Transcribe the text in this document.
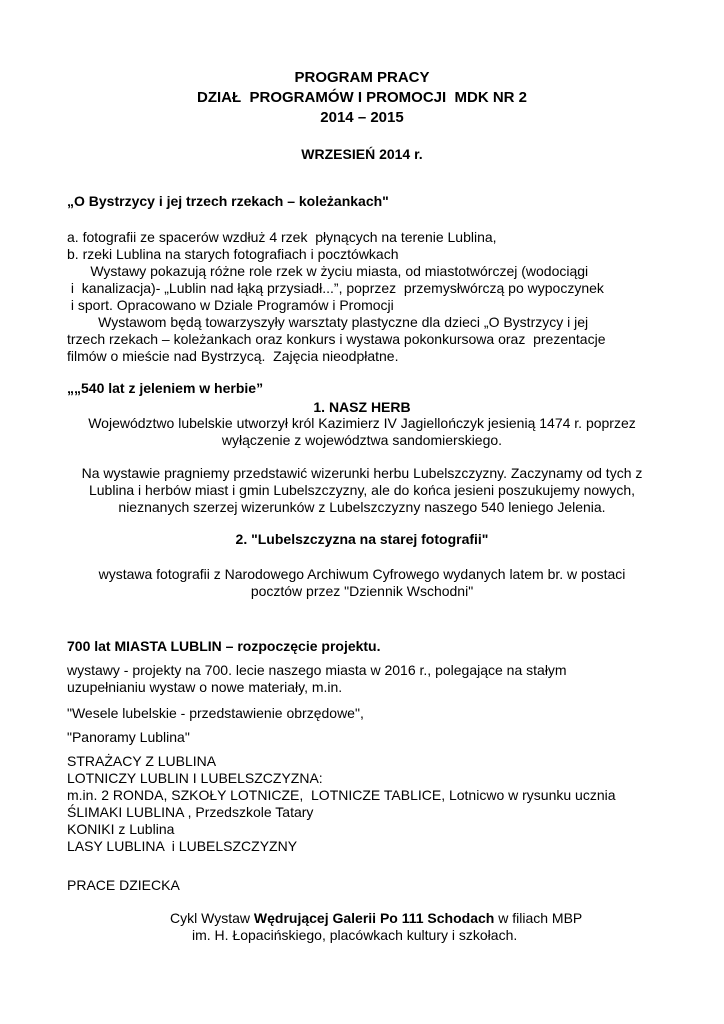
PROGRAM PRACY
DZIAŁ  PROGRAMÓW I PROMOCJI  MDK NR 2
2014 – 2015
WRZESIEŃ 2014 r.
„O Bystrzycy i jej trzech rzekach – koleżankach"
a. fotografii ze spacerów wzdłuż 4 rzek  płynących na terenie Lublina,
b. rzeki Lublina na starych fotografiach i pocztówkach
Wystawy pokazują różne role rzek w życiu miasta, od miastotwórczej (wodociągi
i  kanalizacja)- „Lublin nad łąką przysiadł...”, poprzez  przemysłwórczą po wypoczynek
i sport. Opracowano w Dziale Programów i Promocji
Wystawom będą towarzyszyły warsztaty plastyczne dla dzieci „O Bystrzycy i jej
trzech rzekach – koleżankach oraz konkurs i wystawa pokonkursowa oraz  prezentacje
filmów o mieście nad Bystrzycą.  Zajęcia nieodpłatne.
„„540 lat z jeleniem w herbie”
1. NASZ HERB
Województwo lubelskie utworzył król Kazimierz IV Jagiellończyk jesienią 1474 r. poprzez
wyłączenie z województwa sandomierskiego.
Na wystawie pragniemy przedstawić wizerunki herbu Lubelszczyzny. Zaczynamy od tych z
Lublina i herbów miast i gmin Lubelszczyzny, ale do końca jesieni poszukujemy nowych,
nieznanych szerzej wizerunków z Lubelszczyzny naszego 540 leniego Jelenia.
2. "Lubelszczyzna na starej fotografii"
wystawa fotografii z Narodowego Archiwum Cyfrowego wydanych latem br. w postaci
pocztów przez "Dziennik Wschodni"
700 lat MIASTA LUBLIN – rozpoczęcie projektu.
wystawy - projekty na 700. lecie naszego miasta w 2016 r., polegające na stałym
uzupełnianiu wystaw o nowe materiały, m.in.
"Wesele lubelskie - przedstawienie obrzędowe",
"Panoramy Lublina"
STRAŻACY Z LUBLINA
LOTNICZY LUBLIN I LUBELSZCZYZNA:
m.in. 2 RONDA, SZKOŁY LOTNICZE,  LOTNICZE TABLICE, Lotnicwo w rysunku ucznia
ŚLIMAKI LUBLINA , Przedszkole Tatary
KONIKI z Lublina
LASY LUBLINA  i LUBELSZCZYZNY
PRACE DZIECKA
Cykl Wystaw Wędrującej Galerii Po 111 Schodach w filiach MBP
im. H. Łopacińskiego, placówkach kultury i szkołach.
